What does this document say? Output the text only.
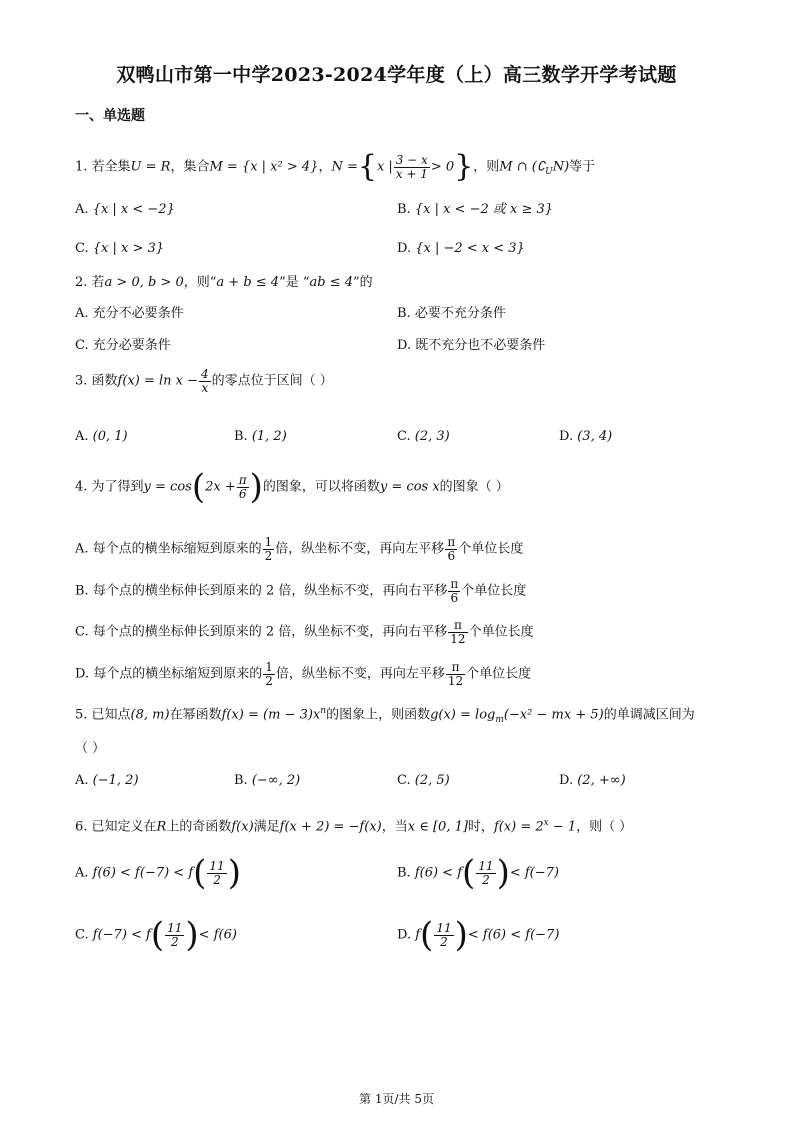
双鸭山市第一中学2023-2024学年度（上）高三数学开学考试题
一、单选题
1. 若全集U = R，集合M = {x | x² > 4}，N ={x | $\frac{3 - x}{x + 1} > 0$}，则M ∩ $(∁_UN)$等于
A. {x | x < −2}	B. {x | x < −2 或 x ≥ 3}
C. {x | x > 3}	D. {x | −2 < x < 3}
2. 若a > 0, b > 0，则“a + b ≤ 4”是 “ab ≤ 4”的
A. 充分不必要条件	B. 必要不充分条件
C. 充分必要条件	D. 既不充分也不必要条件
3. 函数$f(x) = \ln x - \frac{4}{x}$ 的零点位于区间（ ）
A. (0, 1)	B. (1, 2)	C. (2, 3)	D. (3, 4)
4. 为了得到$y = \cos(2x + \frac{\pi}{6}$ )的图象，可以将函数y = cos x的图象（ ）
A. 每个点的横坐标缩短到原来的 $\frac{1}{2}$ 倍，纵坐标不变，再向左平移 $\frac{\pi}{6}$ 个单位长度
B. 每个点的横坐标伸长到原来的 2 倍，纵坐标不变，再向右平移 $\frac{\pi}{6}$ 个单位长度
C. 每个点的横坐标伸长到原来的 2 倍，纵坐标不变，再向右平移 $\frac{\pi}{12}$ 个单位长度
D. 每个点的横坐标缩短到原来的 $\frac{1}{2}$ 倍，纵坐标不变，再向左平移 $\frac{\pi}{12}$ 个单位长度
5. 已知点(8, m)在幂函数$f(x) = (m - 3)x^n$的图象上，则函数$g(x) = \log_m(-x^2$ − mx + 5)的单调减区间为
（ ）
A. (−1, 2)	B. (−∞, 2)	C. (2, 5)	D. (2, +∞)
6. 已知定义在R上的奇函数f(x)满足f(x + 2) = −f(x)，当x ∈ [0, 1]时，$f(x) = 2^x - 1$，则（ ）
A. $f(6) < f(-7) < f( \frac{11}{2}$ )	B. $f(6) < f( \frac{11}{2}$ )< f(−7)
C. $f(-7) < f( \frac{11}{2}$ )< f(6)	D. $f( \frac{11}{2}$ )< f(6) < f(−7)
第 1页/共 5页
